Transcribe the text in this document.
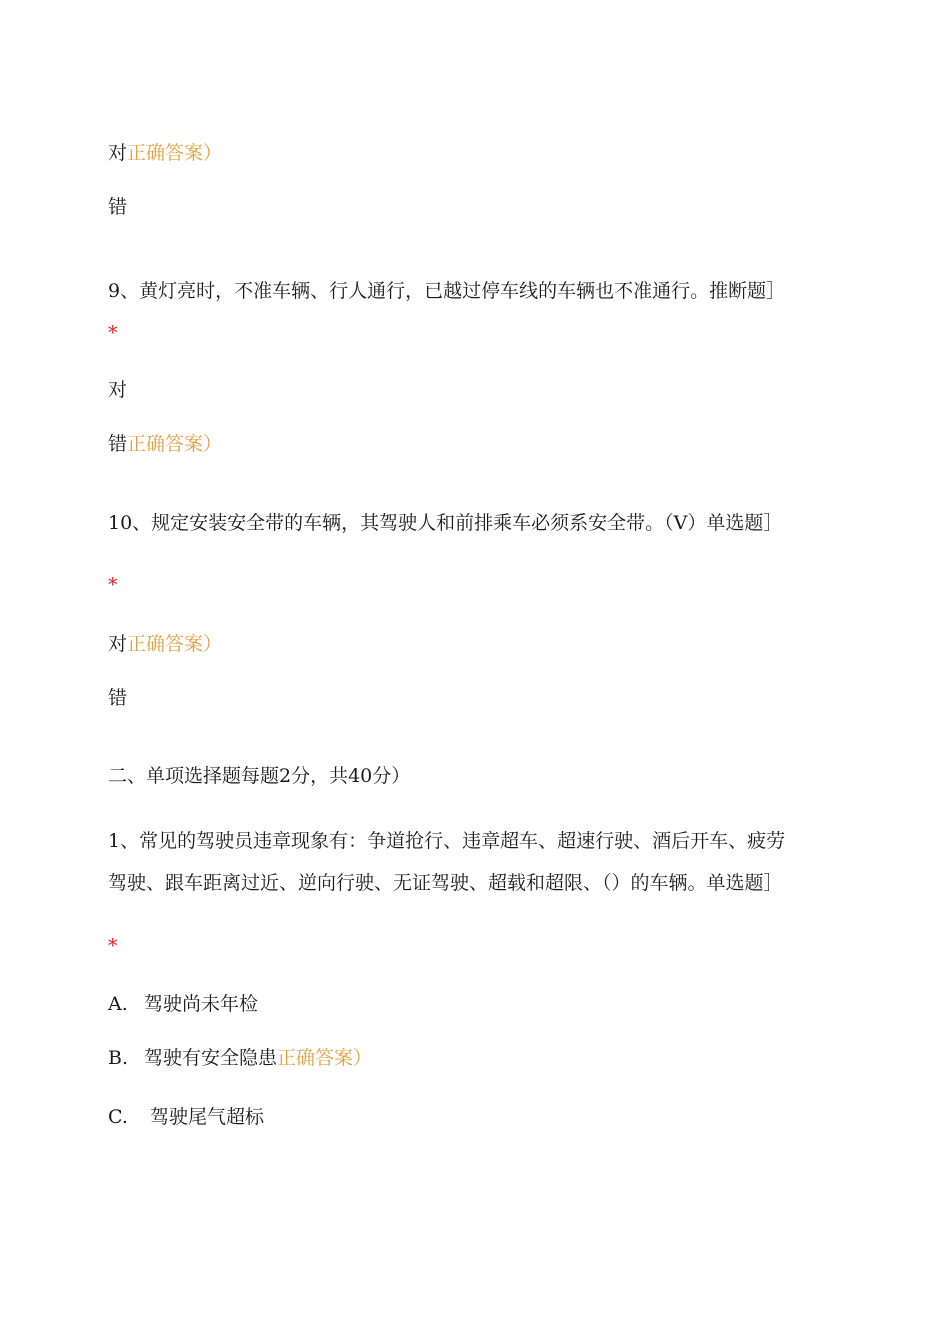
对正确答案）
错
9、黄灯亮时，不准车辆、行人通行，已越过停车线的车辆也不准通行。推断题］
*
对
错正确答案）
10、规定安装安全带的车辆，其驾驶人和前排乘车必须系安全带。（V）单选题］
*
对正确答案）
错
二、单项选择题每题2分，共40分）
1、常见的驾驶员违章现象有：争道抢行、违章超车、超速行驶、酒后开车、疲劳
驾驶、跟车距离过近、逆向行驶、无证驾驶、超载和超限、（）的车辆。单选题］
*
A. 驾驶尚未年检
B. 驾驶有安全隐患正确答案）
C. 驾驶尾气超标
